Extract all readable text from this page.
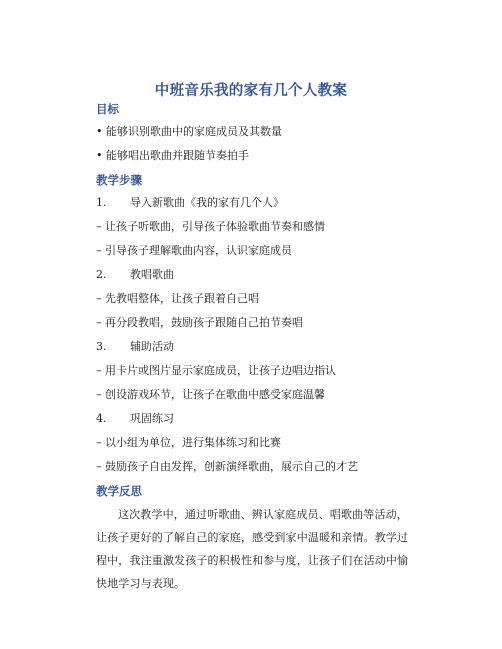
中班音乐我的家有几个人教案
目标
• 能够识别歌曲中的家庭成员及其数量
• 能够唱出歌曲并跟随节奏拍手
教学步骤
1. 导入新歌曲《我的家有几个人》
– 让孩子听歌曲，引导孩子体验歌曲节奏和感情
– 引导孩子理解歌曲内容，认识家庭成员
2. 教唱歌曲
– 先教唱整体，让孩子跟着自己唱
– 再分段教唱，鼓励孩子跟随自己拍节奏唱
3. 辅助活动
– 用卡片或图片显示家庭成员，让孩子边唱边指认
– 创设游戏环节，让孩子在歌曲中感受家庭温馨
4. 巩固练习
– 以小组为单位，进行集体练习和比赛
– 鼓励孩子自由发挥，创新演绎歌曲，展示自己的才艺
教学反思
这次教学中，通过听歌曲、辨认家庭成员、唱歌曲等活动，让孩子更好的了解自己的家庭，感受到家中温暖和亲情。教学过程中，我注重激发孩子的积极性和参与度，让孩子们在活动中愉快地学习与表现。
